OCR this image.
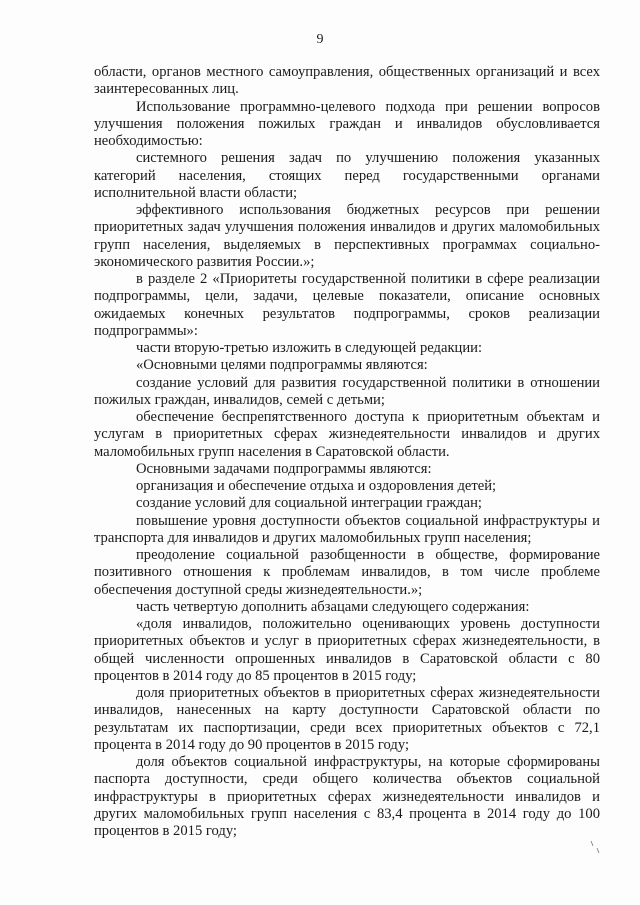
9

области, органов местного самоуправления, общественных организаций и всех заинтересованных лиц.

Использование программно-целевого подхода при решении вопросов улучшения положения пожилых граждан и инвалидов обусловливается необходимостью:

системного решения задач по улучшению положения указанных категорий населения, стоящих перед государственными органами исполнительной власти области;

эффективного использования бюджетных ресурсов при решении приоритетных задач улучшения положения инвалидов и других маломобильных групп населения, выделяемых в перспективных программах социально-экономического развития России.»;

в разделе 2 «Приоритеты государственной политики в сфере реализации подпрограммы, цели, задачи, целевые показатели, описание основных ожидаемых конечных результатов подпрограммы, сроков реализации подпрограммы»:

части вторую-третью изложить в следующей редакции:

«Основными целями подпрограммы являются:

создание условий для развития государственной политики в отношении пожилых граждан, инвалидов, семей с детьми;

обеспечение беспрепятственного доступа к приоритетным объектам и услугам в приоритетных сферах жизнедеятельности инвалидов и других маломобильных групп населения в Саратовской области.

Основными задачами подпрограммы являются:

организация и обеспечение отдыха и оздоровления детей;

создание условий для социальной интеграции граждан;

повышение уровня доступности объектов социальной инфраструктуры и транспорта для инвалидов и других маломобильных групп населения;

преодоление социальной разобщенности в обществе, формирование позитивного отношения к проблемам инвалидов, в том числе проблеме обеспечения доступной среды жизнедеятельности.»;

часть четвертую дополнить абзацами следующего содержания:

«доля инвалидов, положительно оценивающих уровень доступности приоритетных объектов и услуг в приоритетных сферах жизнедеятельности, в общей численности опрошенных инвалидов в Саратовской области с 80 процентов в 2014 году до 85 процентов в 2015 году;

доля приоритетных объектов в приоритетных сферах жизнедеятельности инвалидов, нанесенных на карту доступности Саратовской области по результатам их паспортизации, среди всех приоритетных объектов с 72,1 процента в 2014 году до 90 процентов в 2015 году;

доля объектов социальной инфраструктуры, на которые сформированы паспорта доступности, среди общего количества объектов социальной инфраструктуры в приоритетных сферах жизнедеятельности инвалидов и других маломобильных групп населения с 83,4 процента в 2014 году до 100 процентов в 2015 году;
